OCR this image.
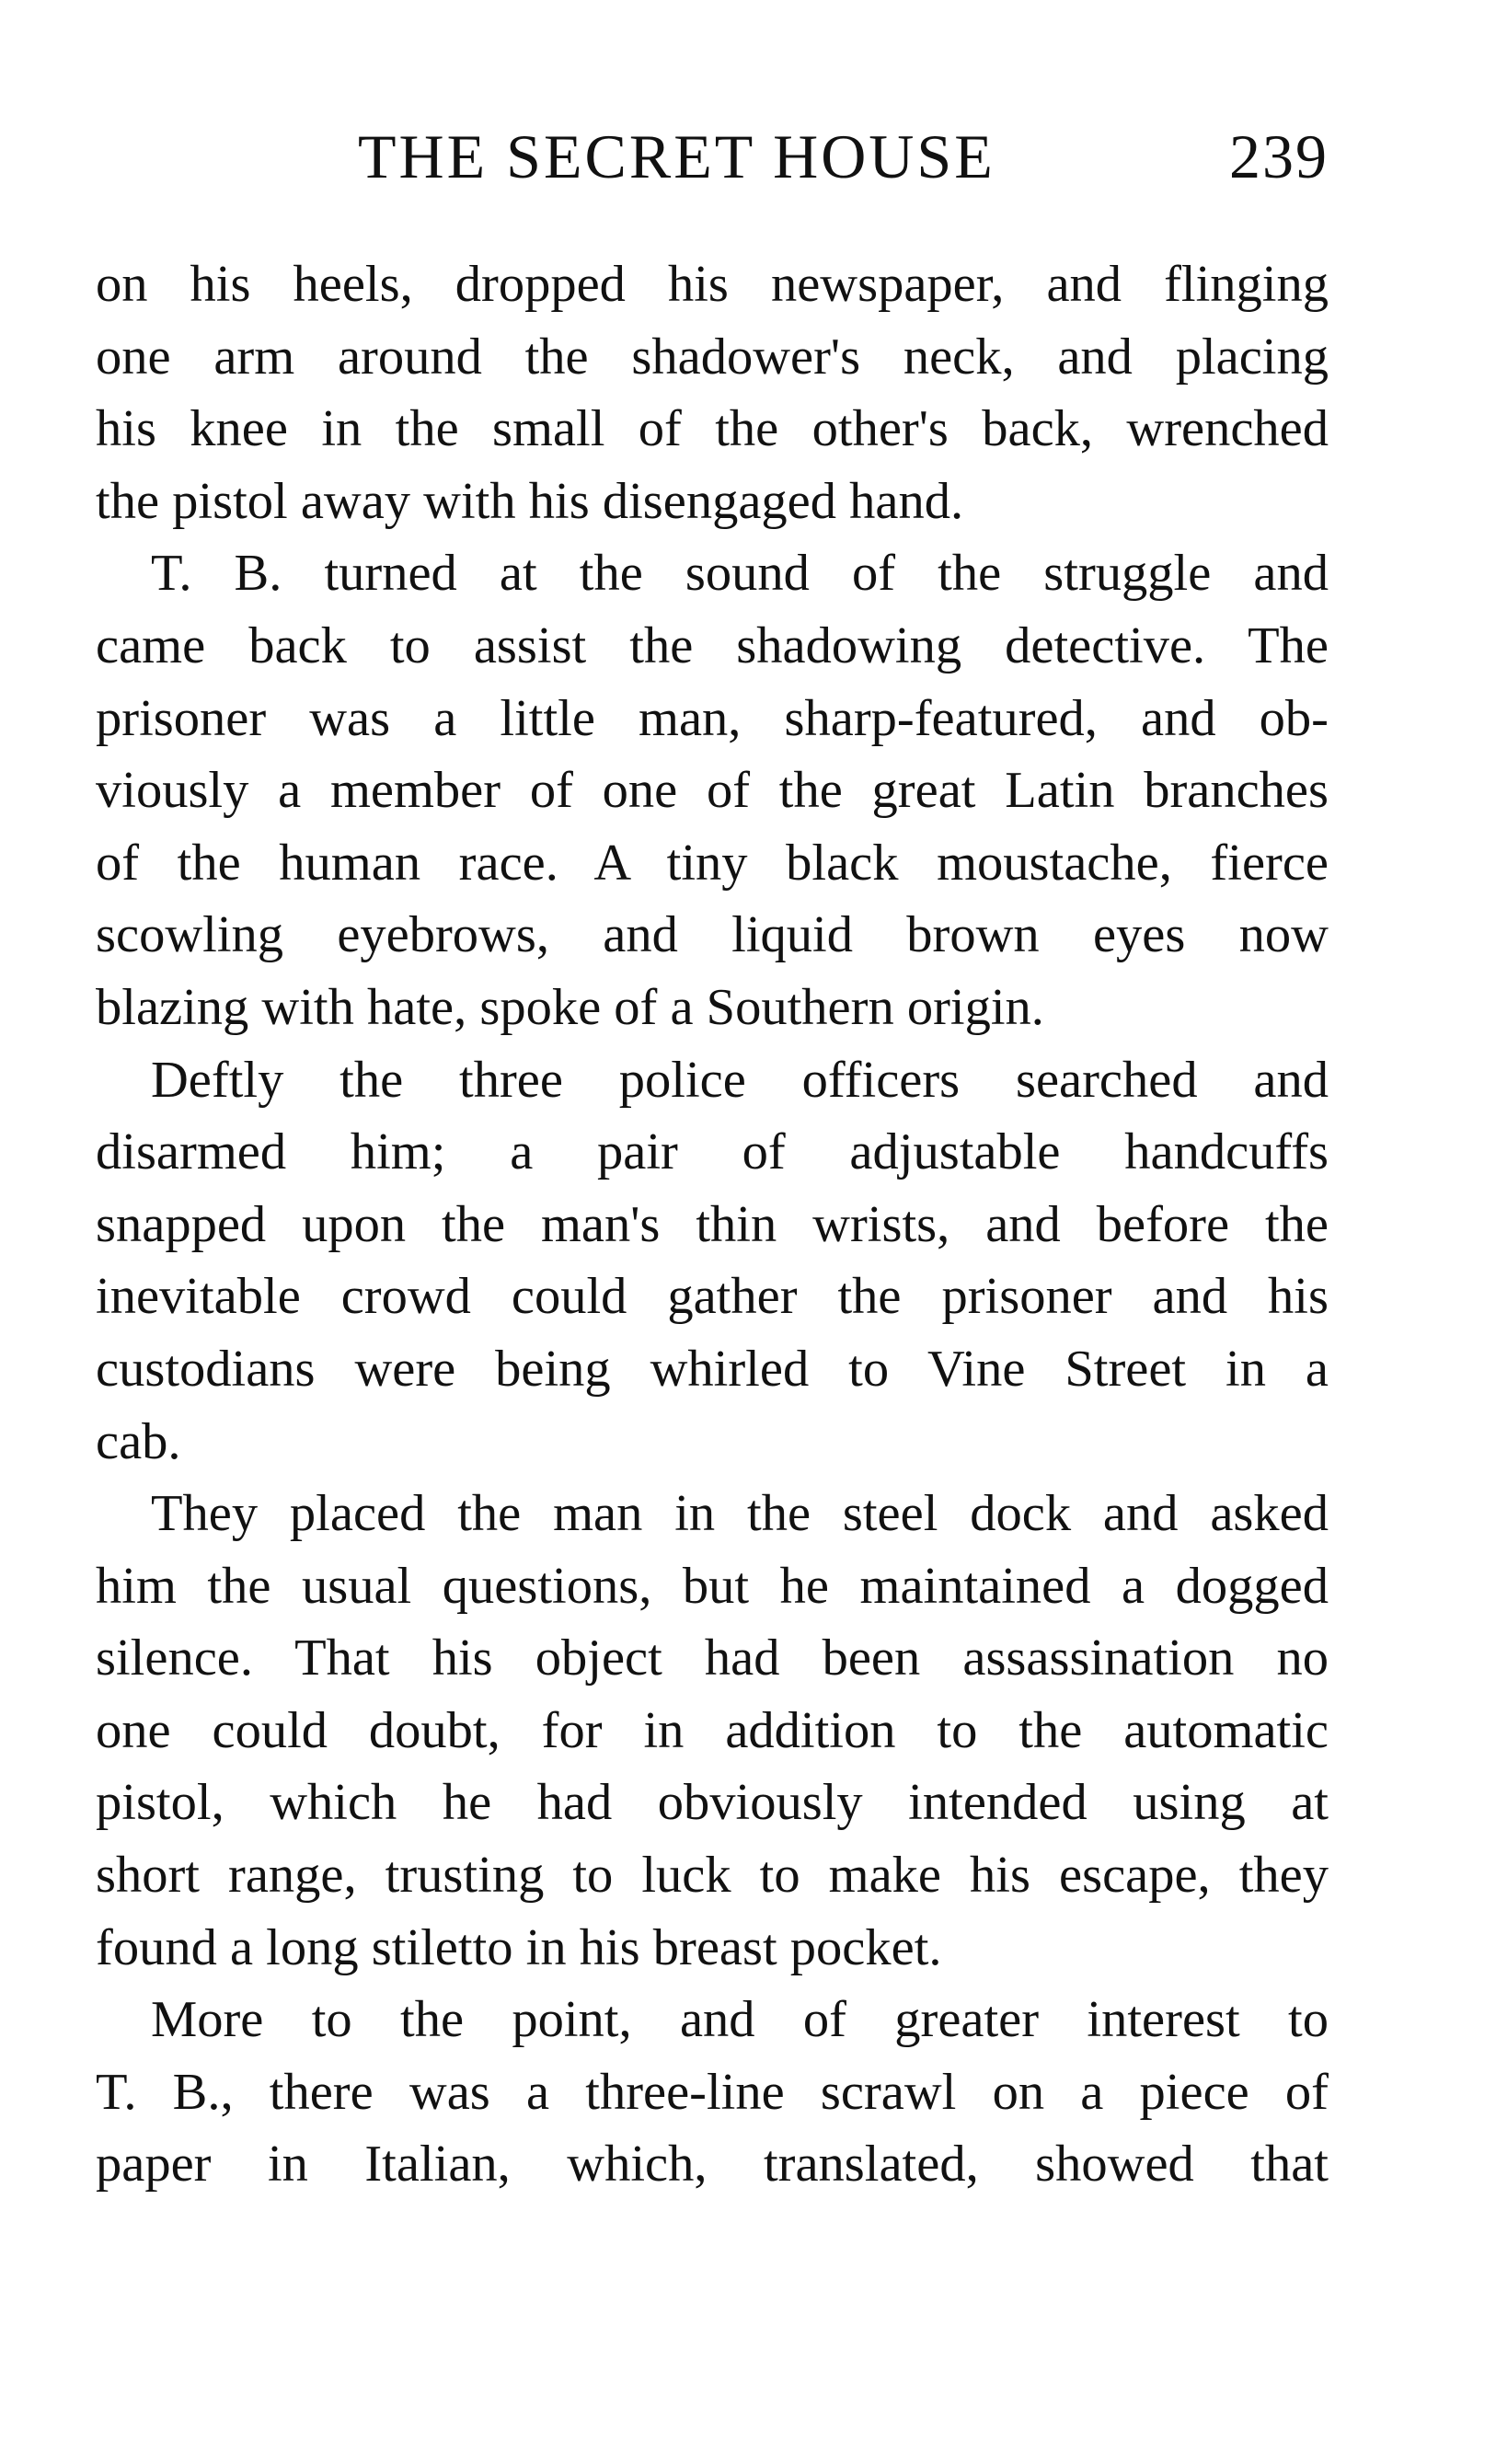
THE SECRET HOUSE	239
on his heels, dropped his newspaper, and flinging
one arm around the shadower's neck, and placing
his knee in the small of the other's back, wrenched
the pistol away with his disengaged hand.
T. B. turned at the sound of the struggle and
came back to assist the shadowing detective. The
prisoner was a little man, sharp-featured, and ob-
viously a member of one of the great Latin branches
of the human race. A tiny black moustache, fierce
scowling eyebrows, and liquid brown eyes now
blazing with hate, spoke of a Southern origin.
Deftly the three police officers searched and
disarmed him; a pair of adjustable handcuffs
snapped upon the man's thin wrists, and before the
inevitable crowd could gather the prisoner and his
custodians were being whirled to Vine Street in a
cab.
They placed the man in the steel dock and asked
him the usual questions, but he maintained a dogged
silence. That his object had been assassination no
one could doubt, for in addition to the automatic
pistol, which he had obviously intended using at
short range, trusting to luck to make his escape, they
found a long stiletto in his breast pocket.
More to the point, and of greater interest to
T. B., there was a three-line scrawl on a piece of
paper in Italian, which, translated, showed that
